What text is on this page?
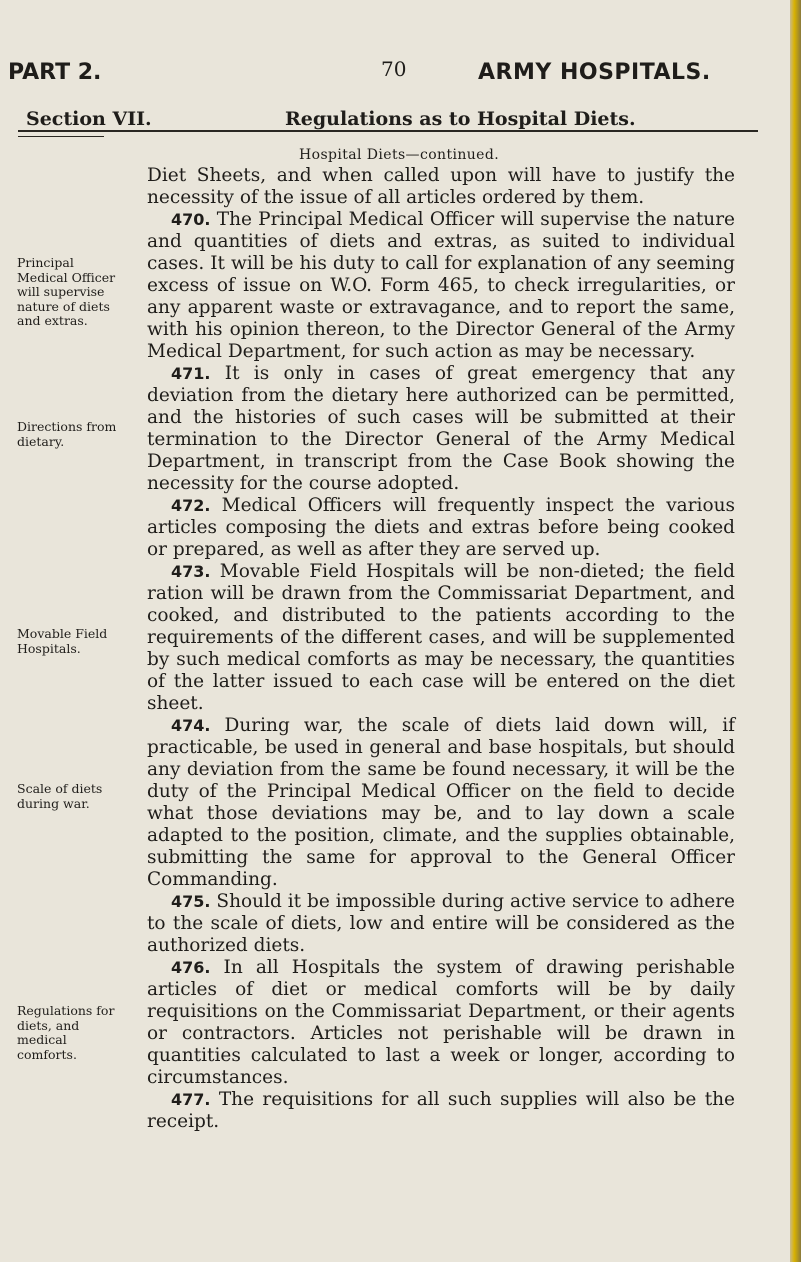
PART 2.	70	ARMY HOSPITALS.
Section VII.	Regulations as to Hospital Diets.
Hospital Diets—continued.
Principal Medical Officer will supervise nature of diets and extras.
Directions from dietary.
Movable Field Hospitals.
Scale of diets during war.
Regulations for diets, and medical comforts.

Diet Sheets, and when called upon will have to justify the necessity of the issue of all articles ordered by them.

470. The Principal Medical Officer will supervise the nature and quantities of diets and extras, as suited to individual cases. It will be his duty to call for explanation of any seeming excess of issue on W.O. Form 465, to check irregularities, or any apparent waste or extravagance, and to report the same, with his opinion thereon, to the Director General of the Army Medical Department, for such action as may be necessary.

471. It is only in cases of great emergency that any deviation from the dietary here authorized can be permitted, and the histories of such cases will be submitted at their termination to the Director General of the Army Medical Department, in transcript from the Case Book showing the necessity for the course adopted.

472. Medical Officers will frequently inspect the various articles composing the diets and extras before being cooked or prepared, as well as after they are served up.

473. Movable Field Hospitals will be non-dieted; the field ration will be drawn from the Commissariat Department, and cooked, and distributed to the patients according to the requirements of the different cases, and will be supplemented by such medical comforts as may be necessary, the quantities of the latter issued to each case will be entered on the diet sheet.

474. During war, the scale of diets laid down will, if practicable, be used in general and base hospitals, but should any deviation from the same be found necessary, it will be the duty of the Principal Medical Officer on the field to decide what those deviations may be, and to lay down a scale adapted to the position, climate, and the supplies obtainable, submitting the same for approval to the General Officer Commanding.

475. Should it be impossible during active service to adhere to the scale of diets, low and entire will be considered as the authorized diets.

476. In all Hospitals the system of drawing perishable articles of diet or medical comforts will be by daily requisitions on the Commissariat Department, or their agents or contractors. Articles not perishable will be drawn in quantities calculated to last a week or longer, according to circumstances.

477. The requisitions for all such supplies will also be the receipt.
